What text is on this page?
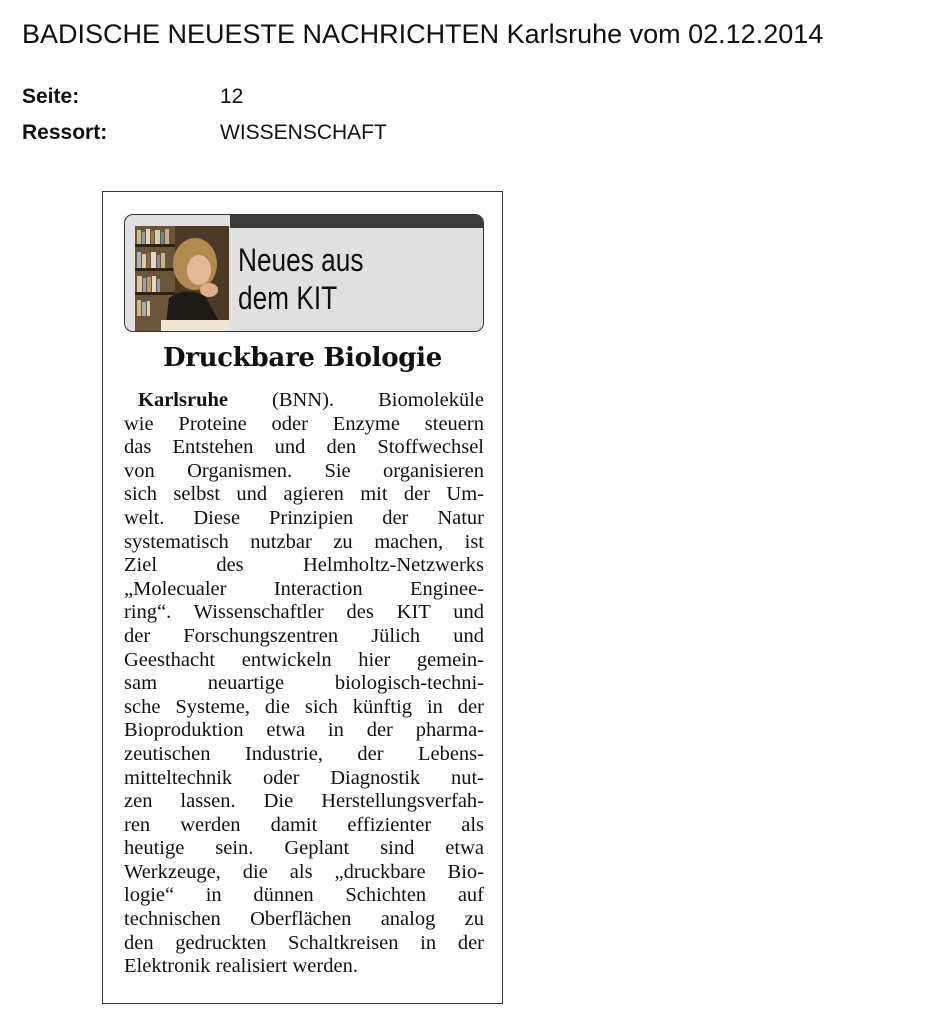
BADISCHE NEUESTE NACHRICHTEN Karlsruhe vom 02.12.2014
Seite:	12
Ressort:	WISSENSCHAFT
Neues aus
dem KIT
Druckbare Biologie
Karlsruhe (BNN). Biomoleküle
wie Proteine oder Enzyme steuern
das Entstehen und den Stoffwechsel
von Organismen. Sie organisieren
sich selbst und agieren mit der Um-
welt. Diese Prinzipien der Natur
systematisch nutzbar zu machen, ist
Ziel des Helmholtz-Netzwerks
„Molecualer Interaction Enginee-
ring“. Wissenschaftler des KIT und
der Forschungszentren Jülich und
Geesthacht entwickeln hier gemein-
sam neuartige biologisch-techni-
sche Systeme, die sich künftig in der
Bioproduktion etwa in der pharma-
zeutischen Industrie, der Lebens-
mitteltechnik oder Diagnostik nut-
zen lassen. Die Herstellungsverfah-
ren werden damit effizienter als
heutige sein. Geplant sind etwa
Werkzeuge, die als „druckbare Bio-
logie“ in dünnen Schichten auf
technischen Oberflächen analog zu
den gedruckten Schaltkreisen in der
Elektronik realisiert werden.
